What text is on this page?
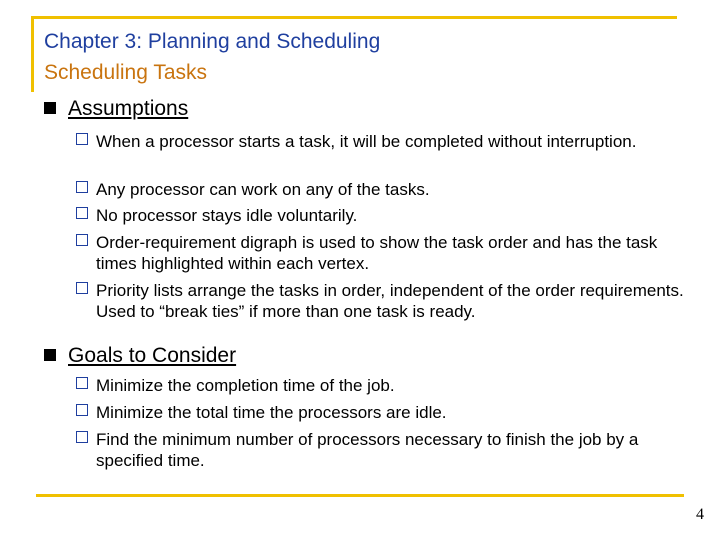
Chapter 3: Planning and Scheduling
Scheduling Tasks
Assumptions
When a processor starts a task, it will be completed without interruption.
Any processor can work on any of the tasks.
No processor stays idle voluntarily.
Order-requirement digraph is used to show the task order and has the task times highlighted within each vertex.
Priority lists arrange the tasks in order, independent of the order requirements. Used to “break ties” if more than one task is ready.
Goals to Consider
Minimize the completion time of the job.
Minimize the total time the processors are idle.
Find the minimum number of processors necessary to finish the job by a specified time.
4
